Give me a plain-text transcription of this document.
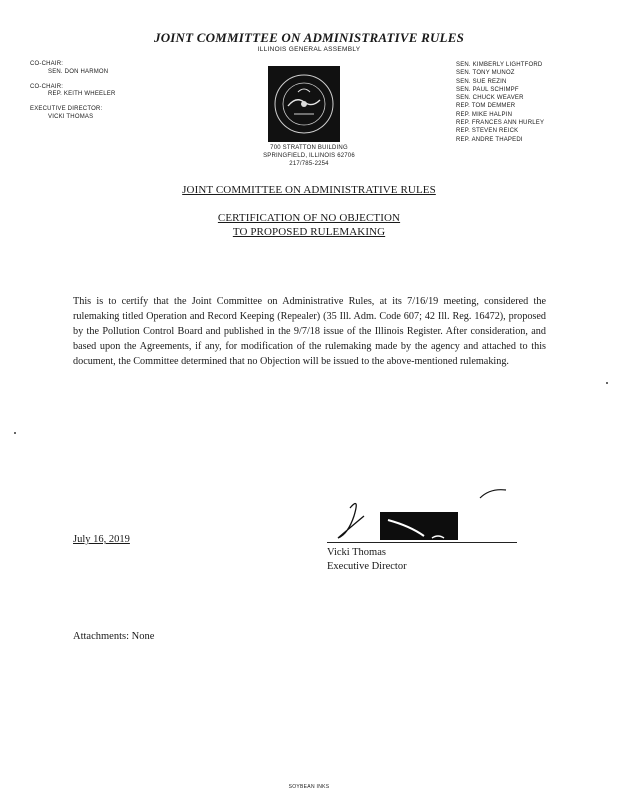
JOINT COMMITTEE ON ADMINISTRATIVE RULES
ILLINOIS GENERAL ASSEMBLY
CO-CHAIR:
SEN. DON HARMON
CO-CHAIR:
REP. KEITH WHEELER
EXECUTIVE DIRECTOR:
VICKI THOMAS
SEN. KIMBERLY LIGHTFORD
SEN. TONY MUNOZ
SEN. SUE REZIN
SEN. PAUL SCHIMPF
SEN. CHUCK WEAVER
REP. TOM DEMMER
REP. MIKE HALPIN
REP. FRANCES ANN HURLEY
REP. STEVEN REICK
REP. ANDRE THAPEDI
700 STRATTON BUILDING
SPRINGFIELD, ILLINOIS 62706
217/785-2254
JOINT COMMITTEE ON ADMINISTRATIVE RULES
CERTIFICATION OF NO OBJECTION
TO PROPOSED RULEMAKING
This is to certify that the Joint Committee on Administrative Rules, at its 7/16/19 meeting, considered the rulemaking titled Operation and Record Keeping (Repealer) (35 Ill. Adm. Code 607; 42 Ill. Reg. 16472), proposed by the Pollution Control Board and published in the 9/7/18 issue of the Illinois Register. After consideration, and based upon the Agreements, if any, for modification of the rulemaking made by the agency and attached to this document, the Committee determined that no Objection will be issued to the above-mentioned rulemaking.
July 16, 2019
Vicki Thomas
Executive Director
Attachments: None
SOYBEAN INKS
